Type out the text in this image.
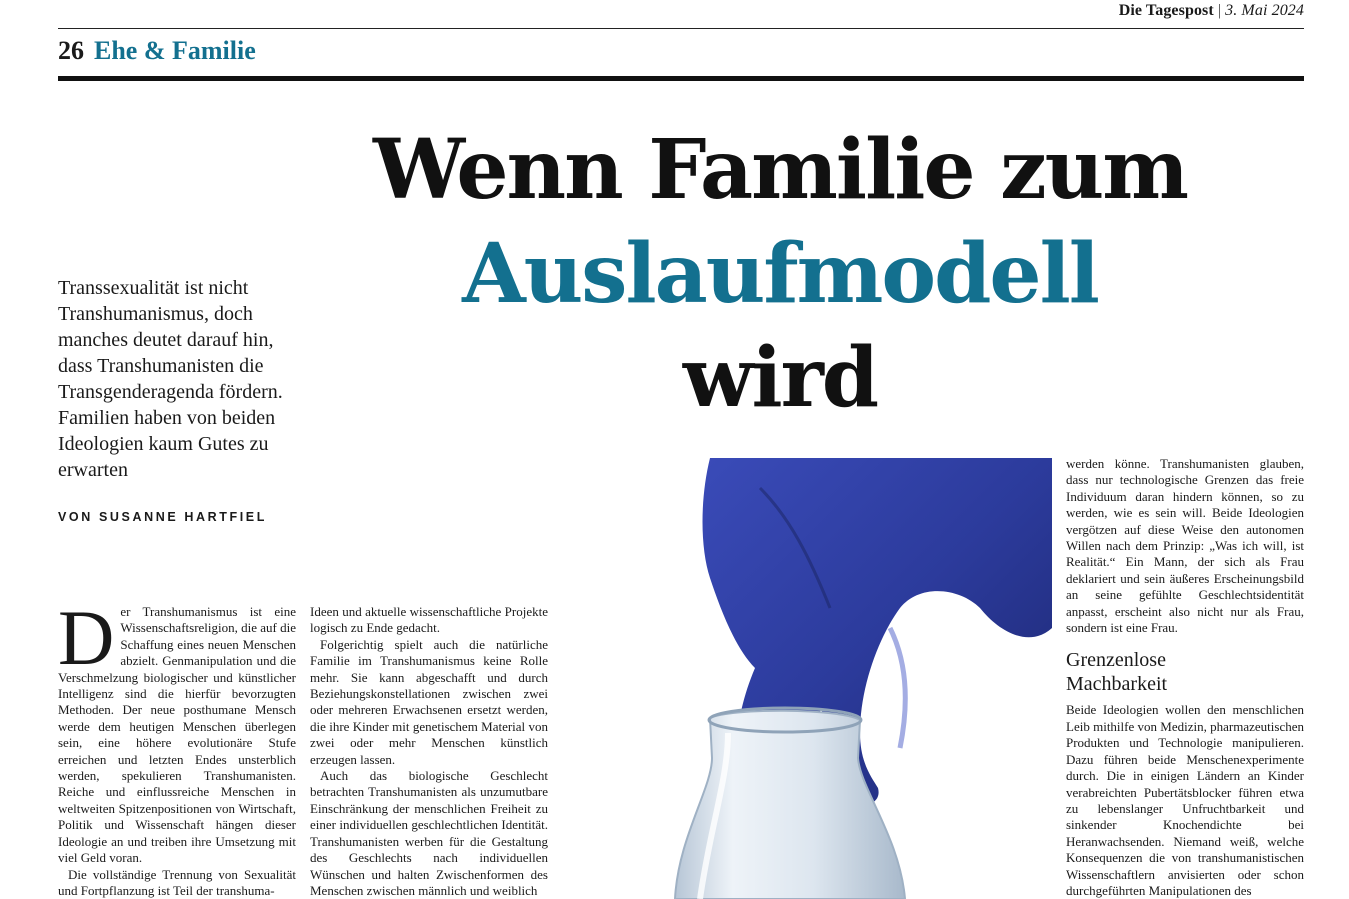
Die Tagespost | 3. Mai 2024
26 Ehe & Familie
Wenn Familie zum
Auslaufmodell
wird
Transsexualität ist nicht Transhumanismus, doch manches deutet darauf hin, dass Transhumanisten die Transgenderagenda fördern. Familien haben von beiden Ideologien kaum Gutes zu erwarten
VON SUSANNE HARTFIEL

Der Transhumanismus ist eine Wissenschaftsreligion, die auf die Schaffung eines neuen Menschen abzielt. Genmanipulation und die Verschmelzung biologischer und künstlicher Intelligenz sind die hierfür bevorzugten Methoden. Der neue posthumane Mensch werde dem heutigen Menschen überlegen sein, eine höhere evolutionäre Stufe erreichen und letzten Endes unsterblich werden, spekulieren Transhumanisten. Reiche und einflussreiche Menschen in weltweiten Spitzenpositionen von Wirtschaft, Politik und Wissenschaft hängen dieser Ideologie an und treiben ihre Umsetzung mit viel Geld voran.

Die vollständige Trennung von Sexualität und Fortpflanzung ist Teil der transhuma-

Ideen und aktuelle wissenschaftliche Projekte logisch zu Ende gedacht.

Folgerichtig spielt auch die natürliche Familie im Transhumanismus keine Rolle mehr. Sie kann abgeschafft und durch Beziehungskonstellationen zwischen zwei oder mehreren Erwachsenen ersetzt werden, die ihre Kinder mit genetischem Material von zwei oder mehr Menschen künstlich erzeugen lassen.

Auch das biologische Geschlecht betrachten Transhumanisten als unzumutbare Einschränkung der menschlichen Freiheit zu einer individuellen geschlechtlichen Identität. Transhumanisten werben für die Gestaltung des Geschlechts nach individuellen Wünschen und halten Zwischenformen des Menschen zwischen männlich und weiblich

werden könne. Transhumanisten glauben, dass nur technologische Grenzen das freie Individuum daran hindern können, so zu werden, wie es sein will. Beide Ideologien vergötzen auf diese Weise den autonomen Willen nach dem Prinzip: „Was ich will, ist Realität.“ Ein Mann, der sich als Frau deklariert und sein äußeres Erscheinungsbild an seine gefühlte Geschlechtsidentität anpasst, erscheint also nicht nur als Frau, sondern ist eine Frau.

Grenzenlose
Machbarkeit

Beide Ideologien wollen den menschlichen Leib mithilfe von Medizin, pharmazeutischen Produkten und Technologie manipulieren. Dazu führen beide Menschenexperimente durch. Die in einigen Ländern an Kinder verabreichten Pubertätsblocker führen etwa zu lebenslanger Unfruchtbarkeit und sinkender Knochendichte bei Heranwachsenden. Niemand weiß, welche Konsequenzen die von transhumanistischen Wissenschaftlern anvisierten oder schon durchgeführten Manipulationen des
